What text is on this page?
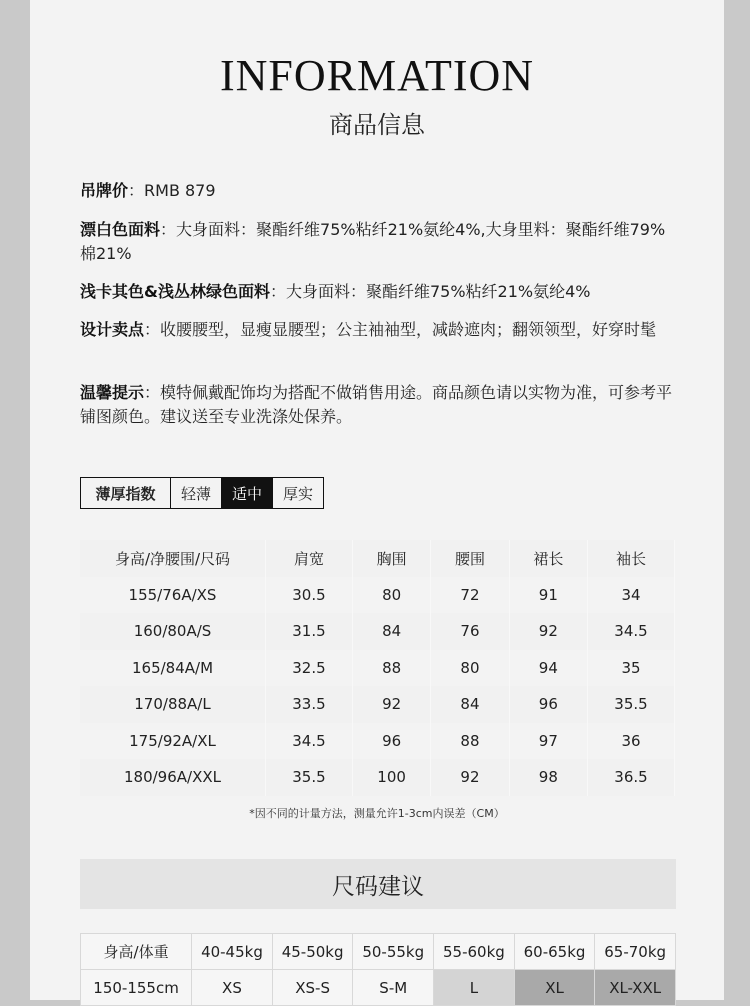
INFORMATION
商品信息
吊牌价：RMB 879
漂白色面料：大身面料：聚酯纤维75%粘纤21%氨纶4%,大身里料：聚酯纤维79%棉21%
浅卡其色&浅丛林绿色面料：大身面料：聚酯纤维75%粘纤21%氨纶4%
设计卖点：收腰腰型，显瘦显腰型；公主袖袖型，减龄遮肉；翻领领型，好穿时髦
温馨提示：模特佩戴配饰均为搭配不做销售用途。商品颜色请以实物为准，可参考平铺图颜色。建议送至专业洗涤处保养。
薄厚指数	轻薄	适中	厚实
身高/净腰围/尺码	肩宽	胸围	腰围	裙长	袖长
155/76A/XS	30.5	80	72	91	34
160/80A/S	31.5	84	76	92	34.5
165/84A/M	32.5	88	80	94	35
170/88A/L	33.5	92	84	96	35.5
175/92A/XL	34.5	96	88	97	36
180/96A/XXL	35.5	100	92	98	36.5
*因不同的计量方法，测量允许1-3cm内误差（CM）
尺码建议
身高/体重	40-45kg	45-50kg	50-55kg	55-60kg	60-65kg	65-70kg
150-155cm	XS	XS-S	S-M	L	XL	XL-XXL
